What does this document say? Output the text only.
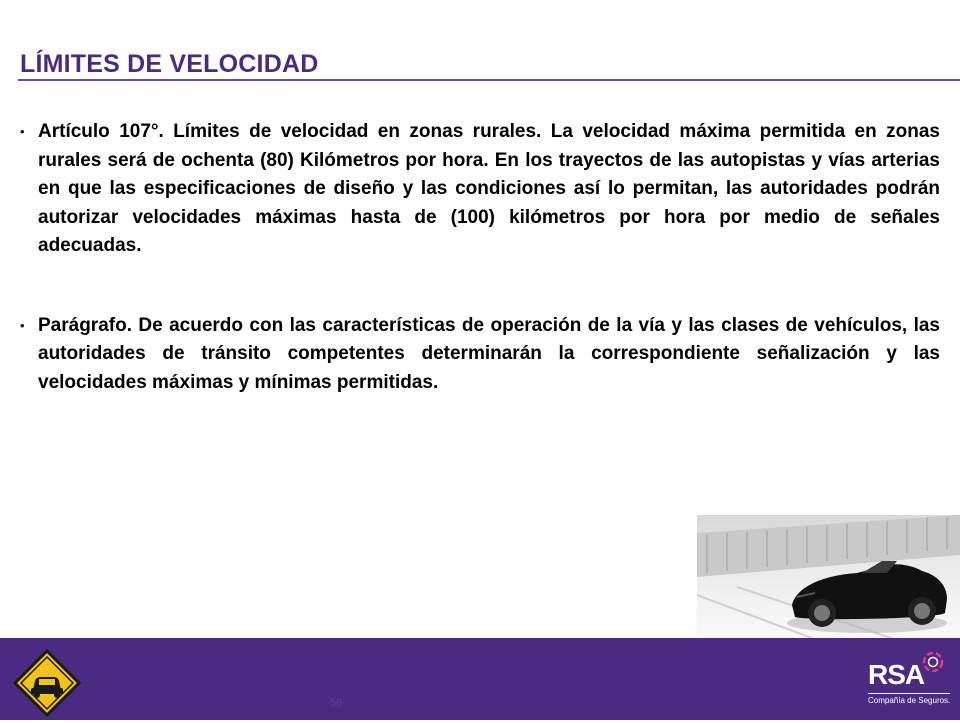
LÍMITES DE VELOCIDAD
• Artículo 107°. Límites de velocidad en zonas rurales. La velocidad máxima permitida en zonas rurales será de ochenta (80) Kilómetros por hora. En los trayectos de las autopistas y vías arterias en que las especificaciones de diseño y las condiciones así lo permitan, las autoridades podrán autorizar velocidades máximas hasta de (100) kilómetros por hora por medio de señales adecuadas.
• Parágrafo. De acuerdo con las características de operación de la vía y las clases de vehículos, las autoridades de tránsito competentes determinarán la correspondiente señalización y las velocidades máximas y mínimas permitidas.
RSA
Compañía de Seguros.
56
